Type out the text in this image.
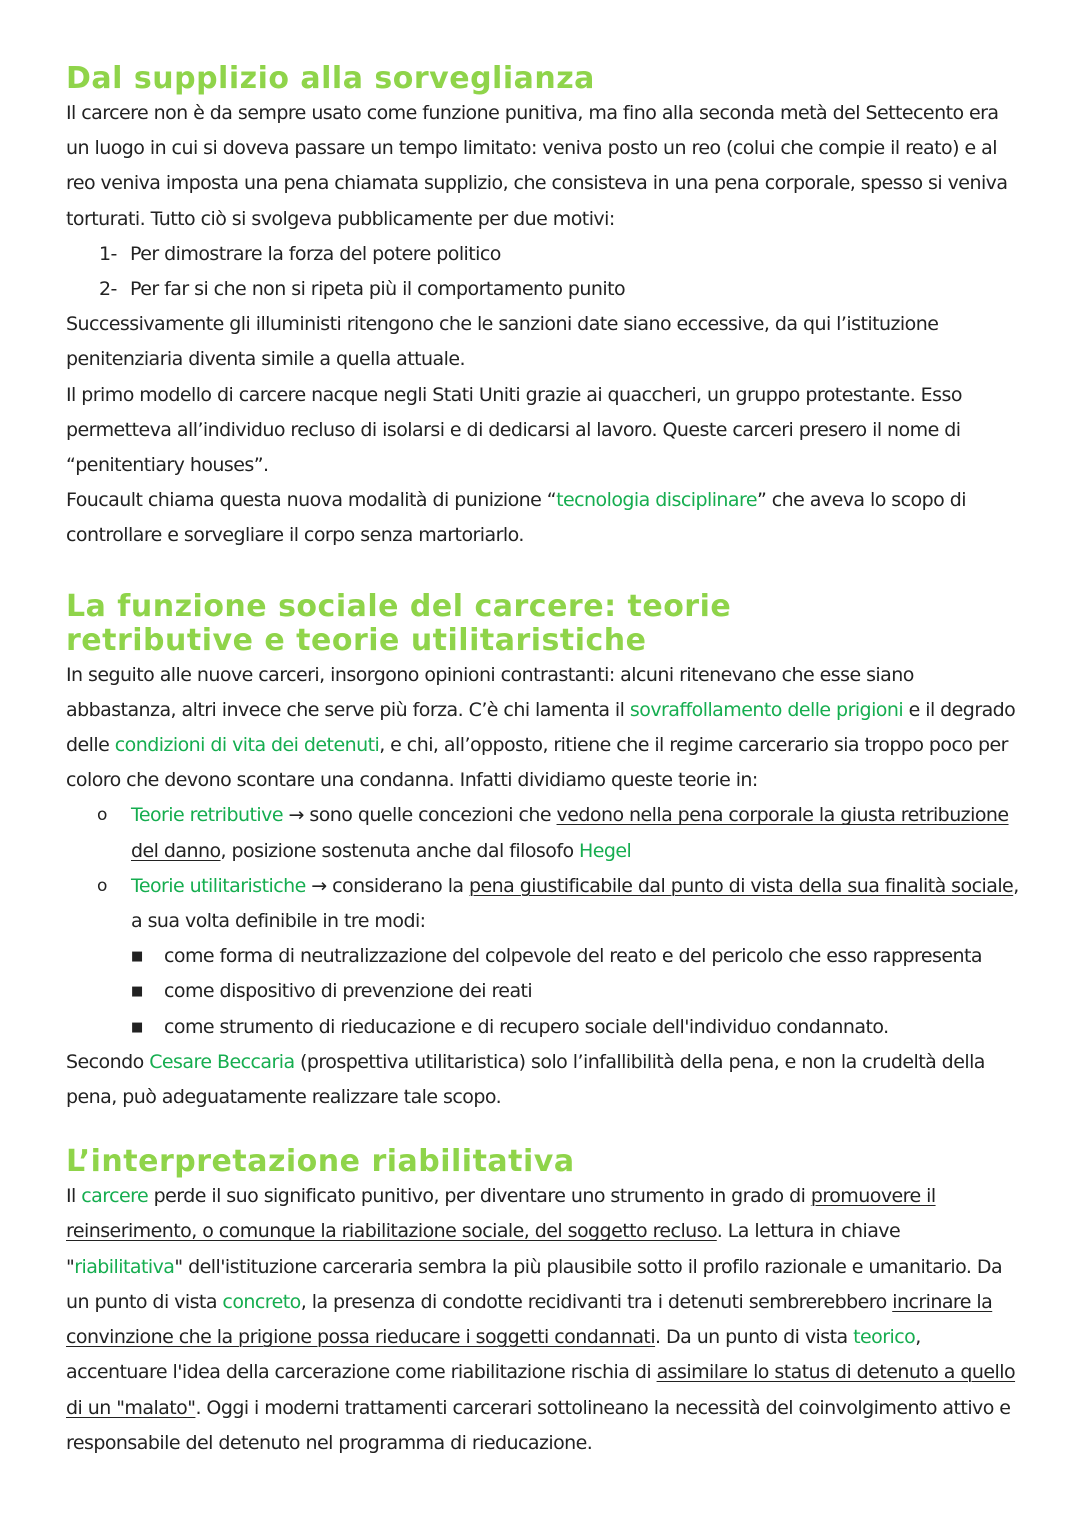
Dal supplizio alla sorveglianza

Il carcere non è da sempre usato come funzione punitiva, ma fino alla seconda metà del Settecento era un luogo in cui si doveva passare un tempo limitato: veniva posto un reo (colui che compie il reato) e al reo veniva imposta una pena chiamata supplizio, che consisteva in una pena corporale, spesso si veniva torturati. Tutto ciò si svolgeva pubblicamente per due motivi:

1- Per dimostrare la forza del potere politico
2- Per far si che non si ripeta più il comportamento punito

Successivamente gli illuministi ritengono che le sanzioni date siano eccessive, da qui l’istituzione penitenziaria diventa simile a quella attuale.

Il primo modello di carcere nacque negli Stati Uniti grazie ai quaccheri, un gruppo protestante. Esso permetteva all’individuo recluso di isolarsi e di dedicarsi al lavoro. Queste carceri presero il nome di “penitentiary houses”.

Foucault chiama questa nuova modalità di punizione “tecnologia disciplinare” che aveva lo scopo di controllare e sorvegliare il corpo senza martoriarlo.

La funzione sociale del carcere: teorie retributive e teorie utilitaristiche

In seguito alle nuove carceri, insorgono opinioni contrastanti: alcuni ritenevano che esse siano abbastanza, altri invece che serve più forza. C’è chi lamenta il sovraffollamento delle prigioni e il degrado delle condizioni di vita dei detenuti, e chi, all’opposto, ritiene che il regime carcerario sia troppo poco per coloro che devono scontare una condanna. Infatti dividiamo queste teorie in:

o	Teorie retributive → sono quelle concezioni che vedono nella pena corporale la giusta retribuzione del danno, posizione sostenuta anche dal filosofo Hegel
o	Teorie utilitaristiche → considerano la pena giustificabile dal punto di vista della sua finalità sociale, a sua volta definibile in tre modi:
■	come forma di neutralizzazione del colpevole del reato e del pericolo che esso rappresenta
■	come dispositivo di prevenzione dei reati
■	come strumento di rieducazione e di recupero sociale dell'individuo condannato.

Secondo Cesare Beccaria (prospettiva utilitaristica) solo l’infallibilità della pena, e non la crudeltà della pena, può adeguatamente realizzare tale scopo.

L’interpretazione riabilitativa

Il carcere perde il suo significato punitivo, per diventare uno strumento in grado di promuovere il reinserimento, o comunque la riabilitazione sociale, del soggetto recluso. La lettura in chiave "riabilitativa" dell'istituzione carceraria sembra la più plausibile sotto il profilo razionale e umanitario. Da un punto di vista concreto, la presenza di condotte recidivanti tra i detenuti sembrerebbero incrinare la convinzione che la prigione possa rieducare i soggetti condannati. Da un punto di vista teorico, accentuare l'idea della carcerazione come riabilitazione rischia di assimilare lo status di detenuto a quello di un "malato". Oggi i moderni trattamenti carcerari sottolineano la necessità del coinvolgimento attivo e responsabile del detenuto nel programma di rieducazione.
